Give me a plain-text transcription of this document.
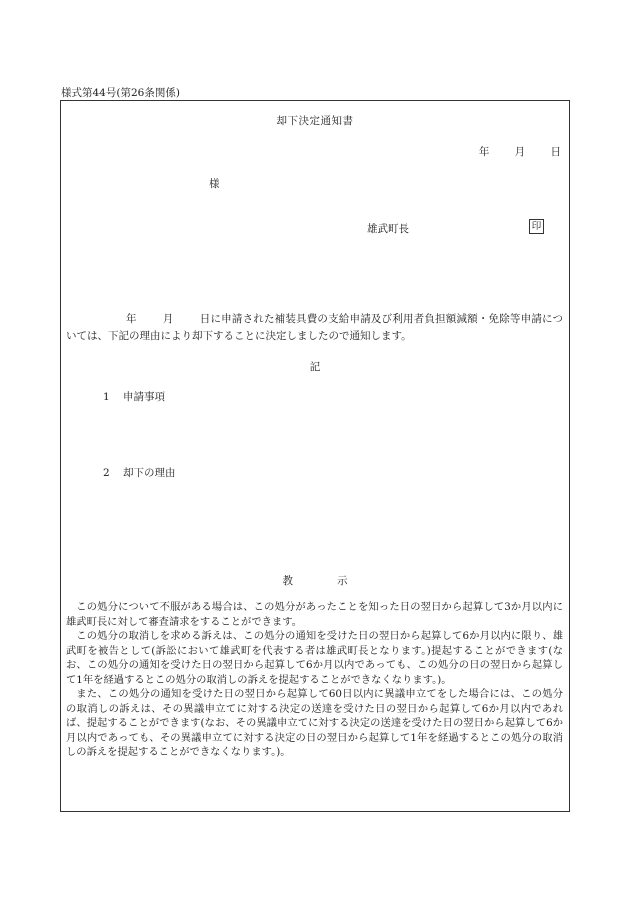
様式第44号(第26条関係)
却下決定通知書
年 月 日
様
雄武町長	印
年 月 日に申請された補装具費の支給申請及び利用者負担額減額・免除等申請については、下記の理由により却下することに決定しましたので通知します。
記
1 申請事項
2 却下の理由
教	示

この処分について不服がある場合は、この処分があったことを知った日の翌日から起算して3か月以内に雄武町長に対して審査請求をすることができます。

この処分の取消しを求める訴えは、この処分の通知を受けた日の翌日から起算して6か月以内に限り、雄武町を被告として(訴訟において雄武町を代表する者は雄武町長となります。)提起することができます(なお、この処分の通知を受けた日の翌日から起算して6か月以内であっても、この処分の日の翌日から起算して1年を経過するとこの処分の取消しの訴えを提起することができなくなります。)。

また、この処分の通知を受けた日の翌日から起算して60日以内に異議申立てをした場合には、この処分の取消しの訴えは、その異議申立てに対する決定の送達を受けた日の翌日から起算して6か月以内であれば、提起することができます(なお、その異議申立てに対する決定の送達を受けた日の翌日から起算して6か月以内であっても、その異議申立てに対する決定の日の翌日から起算して1年を経過するとこの処分の取消しの訴えを提起することができなくなります。)。
